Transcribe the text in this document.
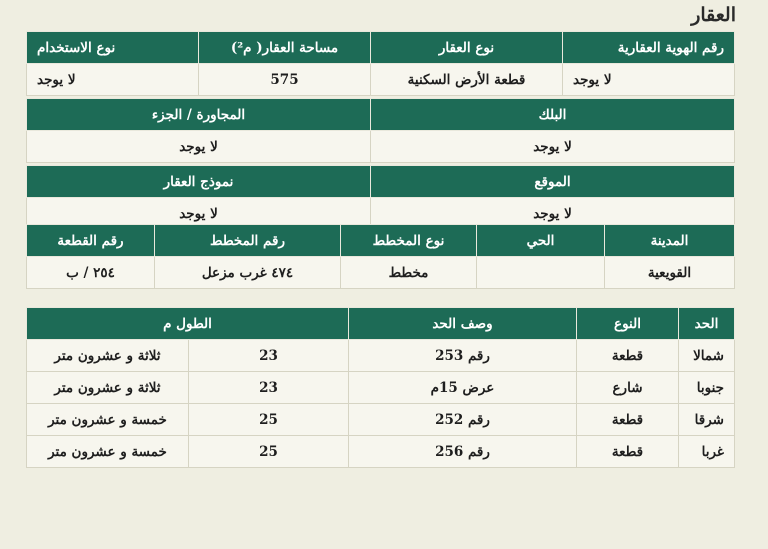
العقار
رقم الهوية العقارية	نوع العقار	مساحة العقار( م²)	نوع الاستخدام
لا يوجد	قطعة الأرض السكنية	575	لا يوجد

البلك		المجاورة / الجزء	
لا يوجد		لا يوجد	

الموقع		نموذج العقار	
لا يوجد		لا يوجد	
المدينة	الحي	نوع المخطط	رقم المخطط	رقم القطعة
القويعية		مخطط	٤٧٤ غرب مزعل	٢٥٤ / ب
الحد	النوع	وصف الحد	الطول م	
شمالا	قطعة	رقم 253	23	ثلاثة و عشرون متر
جنوبا	شارع	عرض 15م	23	ثلاثة و عشرون متر
شرقا	قطعة	رقم 252	25	خمسة و عشرون متر
غربا	قطعة	رقم 256	25	خمسة و عشرون متر
